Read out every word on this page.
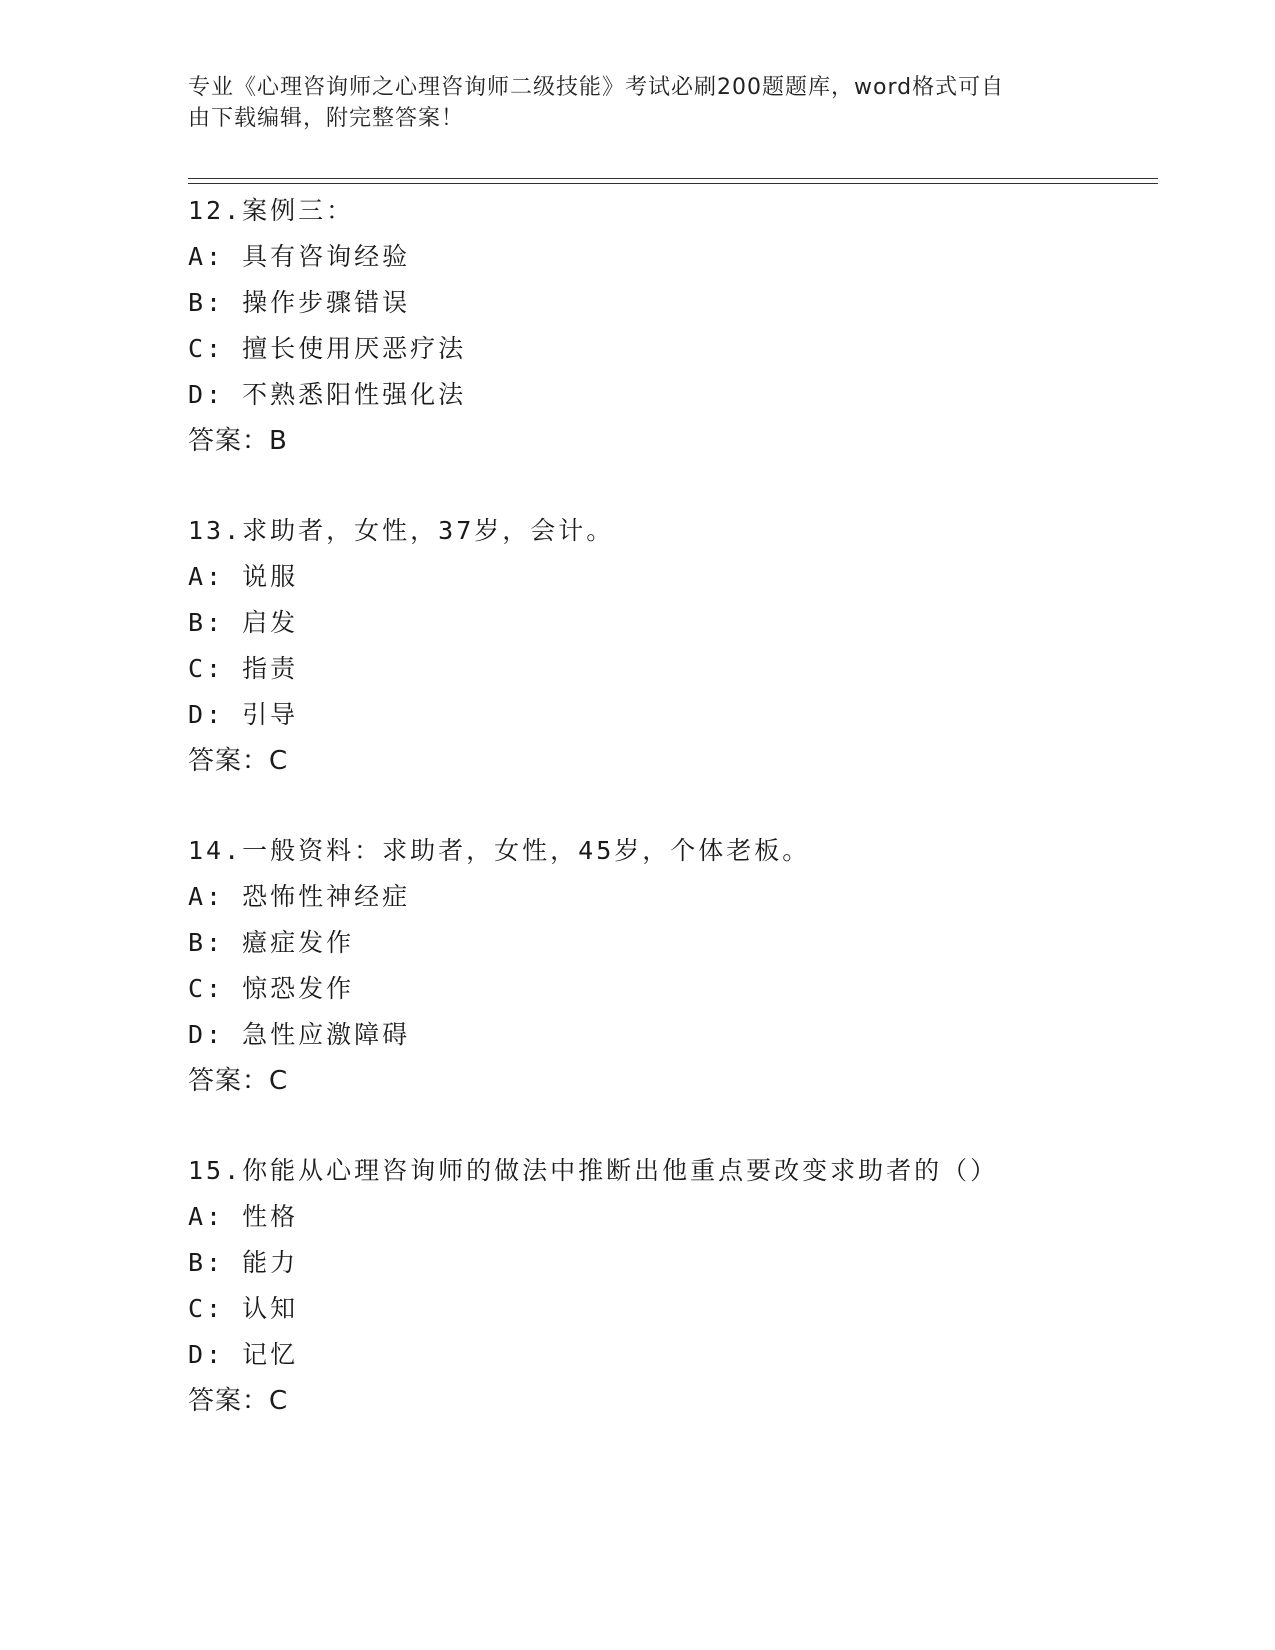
专业《心理咨询师之心理咨询师二级技能》考试必刷200题题库，word格式可自
由下载编辑，附完整答案！
12.案例三：
A: 具有咨询经验
B: 操作步骤错误
C: 擅长使用厌恶疗法
D: 不熟悉阳性强化法
答案：B
13.求助者，女性，37岁，会计。
A: 说服
B: 启发
C: 指责
D: 引导
答案：C
14.一般资料：求助者，女性，45岁，个体老板。
A: 恐怖性神经症
B: 癔症发作
C: 惊恐发作
D: 急性应激障碍
答案：C
15.你能从心理咨询师的做法中推断出他重点要改变求助者的（）
A: 性格
B: 能力
C: 认知
D: 记忆
答案：C
